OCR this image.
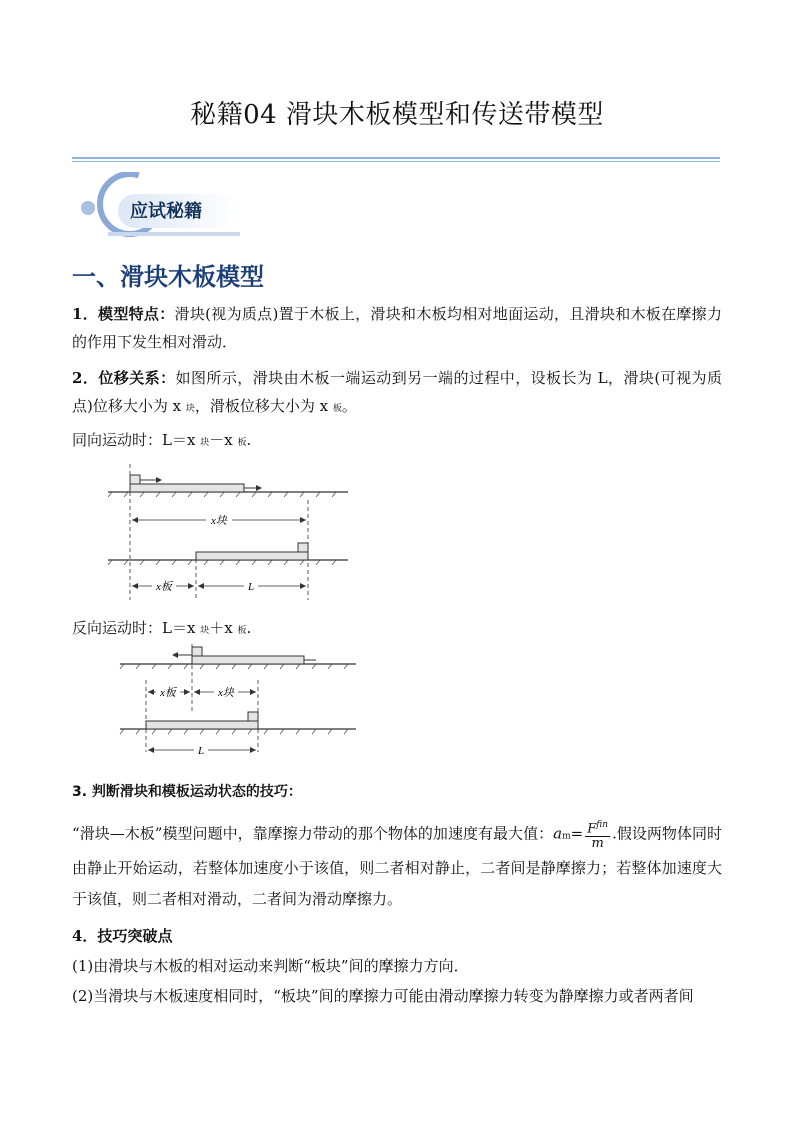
秘籍04 滑块木板模型和传送带模型
应试秘籍
一、滑块木板模型
1．模型特点：滑块(视为质点)置于木板上，滑块和木板均相对地面运动，且滑块和木板在摩擦力的作用下发生相对滑动．
2．位移关系：如图所示，滑块由木板一端运动到另一端的过程中，设板长为 L，滑块(可视为质点)位移大小为 x 块，滑板位移大小为 x 板。
同向运动时：L＝x 块－x 板.
x块
x板	L
反向运动时：L＝x 块＋x 板.
x板	x块
L
3. 判断滑块和模板运动状态的技巧：
“滑块—木板”模型问题中，靠摩擦力带动的那个物体的加速度有最大值：$am= \frac{F^{fin}}{m}$ .假设两物体同时由静止开始运动，若整体加速度小于该值，则二者相对静止，二者间是静摩擦力；若整体加速度大于该值，则二者相对滑动，二者间为滑动摩擦力。
4．技巧突破点
(1)由滑块与木板的相对运动来判断“板块”间的摩擦力方向．
(2)当滑块与木板速度相同时，“板块”间的摩擦力可能由滑动摩擦力转变为静摩擦力或者两者间
